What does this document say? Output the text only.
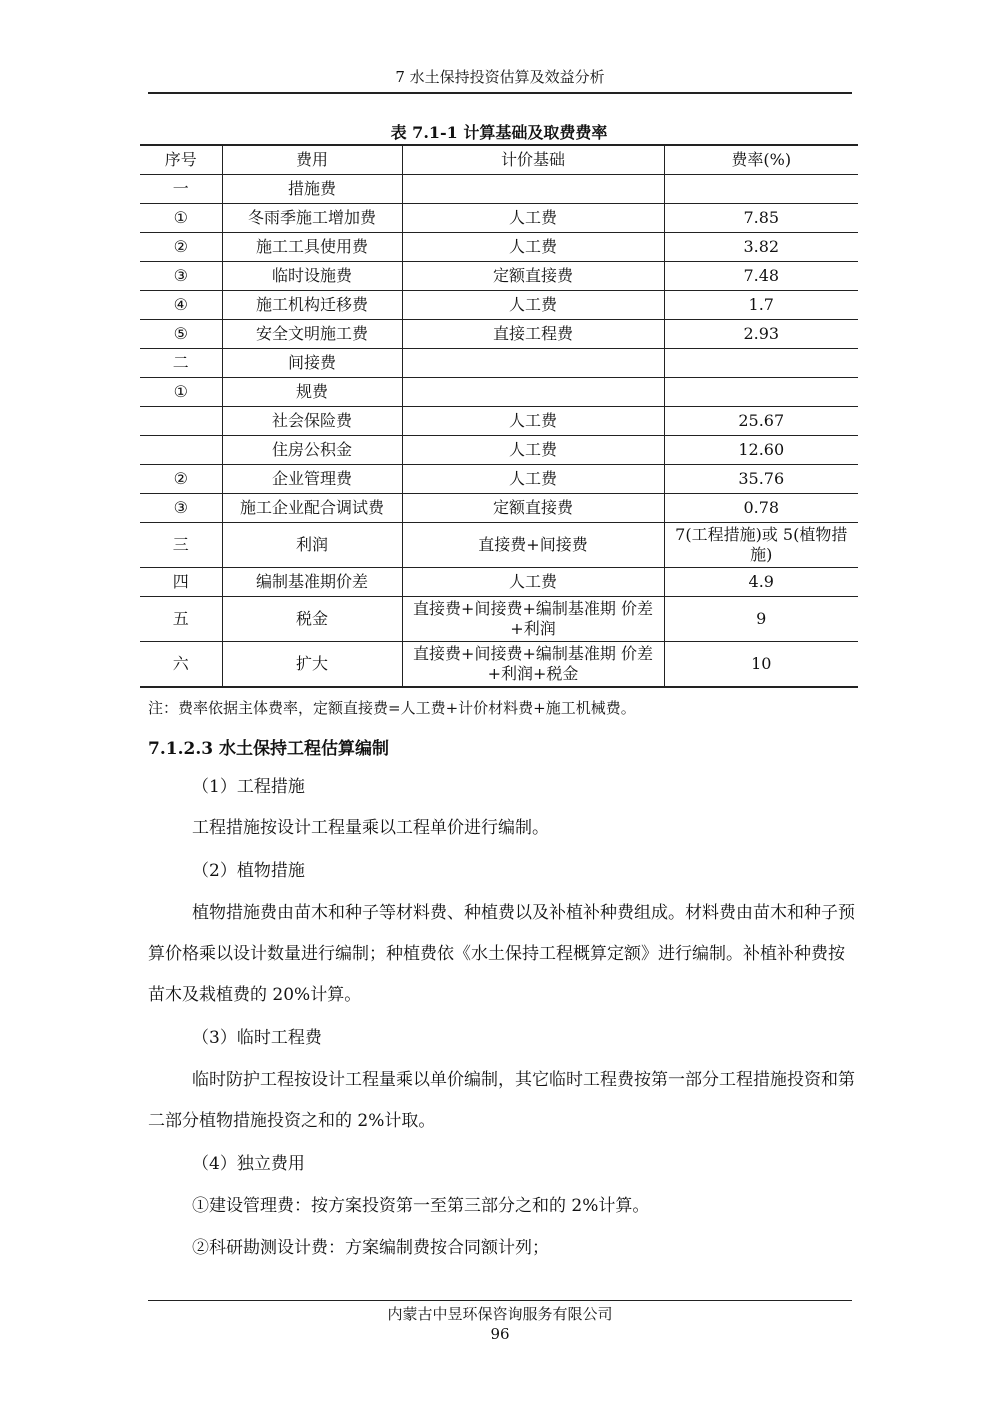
7 水土保持投资估算及效益分析
表 7.1-1 计算基础及取费费率
序号	费用	计价基础	费率(%)
一	措施费		
①	冬雨季施工增加费	人工费	7.85
②	施工工具使用费	人工费	3.82
③	临时设施费	定额直接费	7.48
④	施工机构迁移费	人工费	1.7
⑤	安全文明施工费	直接工程费	2.93
二	间接费		
①	规费		
	社会保险费	人工费	25.67
	住房公积金	人工费	12.60
②	企业管理费	人工费	35.76
③	施工企业配合调试费	定额直接费	0.78
三	利润	直接费+间接费	7(工程措施)或 5(植物措施)
四	编制基准期价差	人工费	4.9
五	税金	直接费+间接费+编制基准期 价差+利润	9
六	扩大	直接费+间接费+编制基准期 价差+利润+税金	10
注：费率依据主体费率，定额直接费=人工费+计价材料费+施工机械费。
7.1.2.3 水土保持工程估算编制
（1）工程措施
工程措施按设计工程量乘以工程单价进行编制。
（2）植物措施
植物措施费由苗木和种子等材料费、种植费以及补植补种费组成。材料费由苗木和种子预算价格乘以设计数量进行编制；种植费依《水土保持工程概算定额》进行编制。补植补种费按苗木及栽植费的 20%计算。
（3）临时工程费
临时防护工程按设计工程量乘以单价编制，其它临时工程费按第一部分工程措施投资和第二部分植物措施投资之和的 2%计取。
（4）独立费用
①建设管理费：按方案投资第一至第三部分之和的 2%计算。
②科研勘测设计费：方案编制费按合同额计列；
内蒙古中昱环保咨询服务有限公司
96
